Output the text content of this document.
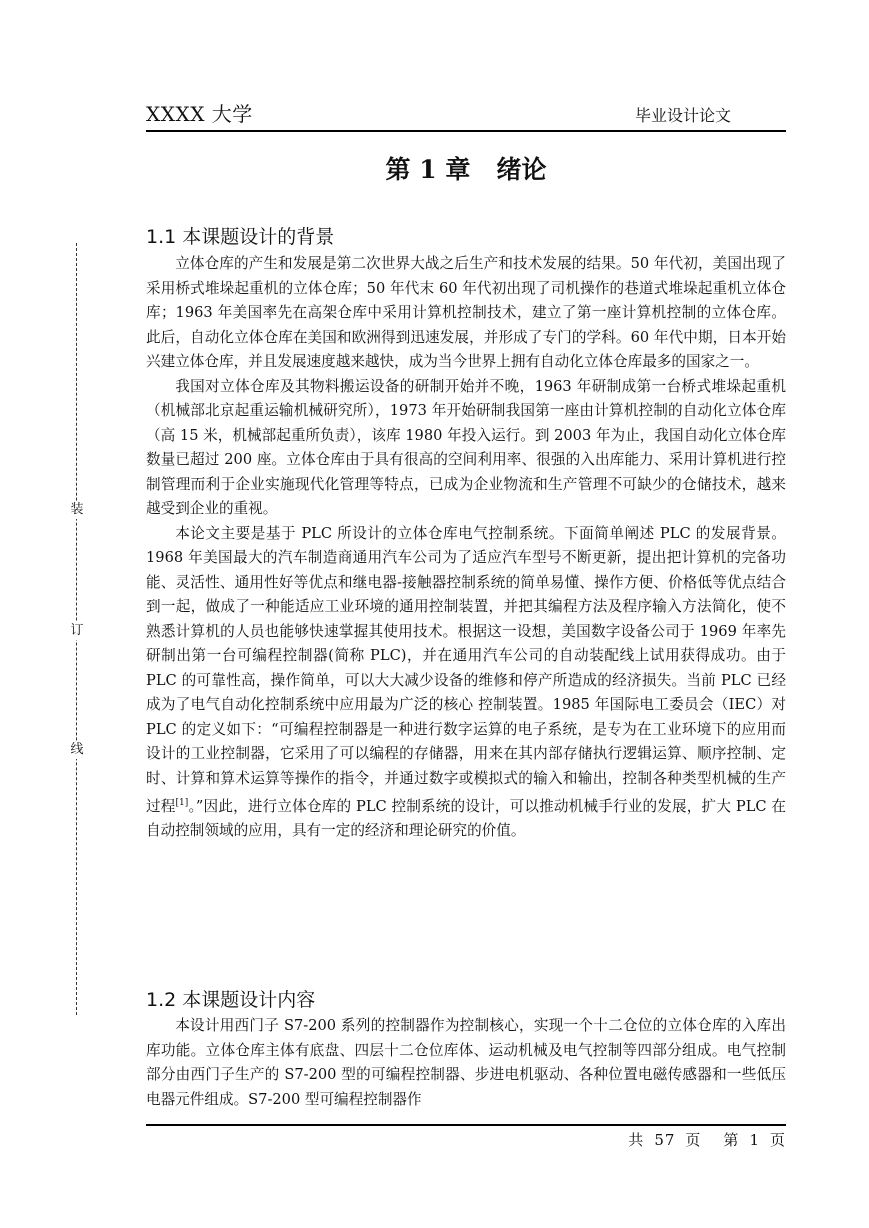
XXXX 大学	毕业设计论文
第 1 章   绪论
装
订
线
1.1 本课题设计的背景

立体仓库的产生和发展是第二次世界大战之后生产和技术发展的结果。50 年代初，美国出现了采用桥式堆垛起重机的立体仓库；50 年代末 60 年代初出现了司机操作的巷道式堆垛起重机立体仓库；1963 年美国率先在高架仓库中采用计算机控制技术，建立了第一座计算机控制的立体仓库。此后，自动化立体仓库在美国和欧洲得到迅速发展，并形成了专门的学科。60 年代中期，日本开始兴建立体仓库，并且发展速度越来越快，成为当今世界上拥有自动化立体仓库最多的国家之一。

我国对立体仓库及其物料搬运设备的研制开始并不晚，1963 年研制成第一台桥式堆垛起重机（机械部北京起重运输机械研究所），1973 年开始研制我国第一座由计算机控制的自动化立体仓库（高 15 米，机械部起重所负责），该库 1980 年投入运行。到 2003 年为止，我国自动化立体仓库数量已超过 200 座。立体仓库由于具有很高的空间利用率、很强的入出库能力、采用计算机进行控制管理而利于企业实施现代化管理等特点，已成为企业物流和生产管理不可缺少的仓储技术，越来越受到企业的重视。

本论文主要是基于 PLC 所设计的立体仓库电气控制系统。下面简单阐述 PLC 的发展背景。1968 年美国最大的汽车制造商通用汽车公司为了适应汽车型号不断更新，提出把计算机的完备功能、灵活性、通用性好等优点和继电器-接触器控制系统的简单易懂、操作方便、价格低等优点结合到一起，做成了一种能适应工业环境的通用控制装置，并把其编程方法及程序输入方法简化，使不熟悉计算机的人员也能够快速掌握其使用技术。根据这一设想，美国数字设备公司于 1969 年率先研制出第一台可编程控制器(简称 PLC)，并在通用汽车公司的自动装配线上试用获得成功。由于 PLC 的可靠性高，操作简单，可以大大减少设备的维修和停产所造成的经济损失。当前 PLC 已经成为了电气自动化控制系统中应用最为广泛的核心 控制装置。1985 年国际电工委员会（IEC）对 PLC 的定义如下：“可编程控制器是一种进行数字运算的电子系统，是专为在工业环境下的应用而设计的工业控制器，它采用了可以编程的存储器，用来在其内部存储执行逻辑运算、顺序控制、定时、计算和算术运算等操作的指令，并通过数字或模拟式的输入和输出，控制各种类型机械的生产过程[1]。”因此，进行立体仓库的 PLC 控制系统的设计，可以推动机械手行业的发展，扩大 PLC 在自动控制领域的应用，具有一定的经济和理论研究的价值。

1.2 本课题设计内容

本设计用西门子 S7-200 系列的控制器作为控制核心，实现一个十二仓位的立体仓库的入库出库功能。立体仓库主体有底盘、四层十二仓位库体、运动机械及电气控制等四部分组成。电气控制部分由西门子生产的 S7-200 型的可编程控制器、步进电机驱动、各种位置电磁传感器和一些低压电器元件组成。S7-200 型可编程控制器作

共 57 页 第 1 页
